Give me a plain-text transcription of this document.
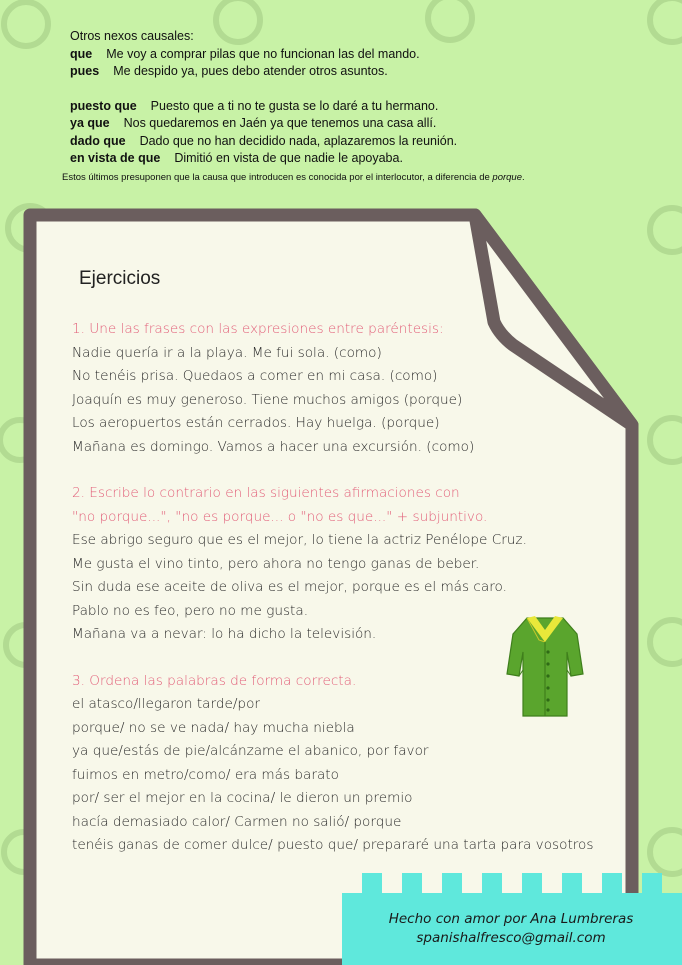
Otros nexos causales:
que Me voy a comprar pilas que no funcionan las del mando.
pues Me despido ya, pues debo atender otros asuntos.
puesto que Puesto que a ti no te gusta se lo daré a tu hermano.
ya que Nos quedaremos en Jaén ya que tenemos una casa allí.
dado que Dado que no han decidido nada, aplazaremos la reunión.
en vista de que Dimitió en vista de que nadie le apoyaba.
Estos últimos presuponen que la causa que introducen es conocida por el interlocutor, a diferencia de porque.
Ejercicios
1. Une las frases con las expresiones entre paréntesis:
Nadie quería ir a la playa. Me fui sola. (como)
No tenéis prisa. Quedaos a comer en mi casa. (como)
Joaquín es muy generoso. Tiene muchos amigos (porque)
Los aeropuertos están cerrados. Hay huelga. (porque)
Mañana es domingo. Vamos a hacer una excursión. (como)
2. Escribe lo contrario en las siguientes afirmaciones con
"no porque...", "no es porque... o "no es que..." + subjuntivo.
Ese abrigo seguro que es el mejor, lo tiene la actriz Penélope Cruz.
Me gusta el vino tinto, pero ahora no tengo ganas de beber.
Sin duda ese aceite de oliva es el mejor, porque es el más caro.
Pablo no es feo, pero no me gusta.
Mañana va a nevar: lo ha dicho la televisión.
3. Ordena las palabras de forma correcta.
el atasco/llegaron tarde/por
porque/ no se ve nada/ hay mucha niebla
ya que/estás de pie/alcánzame el abanico, por favor
fuimos en metro/como/ era más barato
por/ ser el mejor en la cocina/ le dieron un premio
hacía demasiado calor/ Carmen no salió/ porque
tenéis ganas de comer dulce/ puesto que/ prepararé una tarta para vosotros
Hecho con amor por Ana Lumbreras
spanishalfresco@gmail.com
